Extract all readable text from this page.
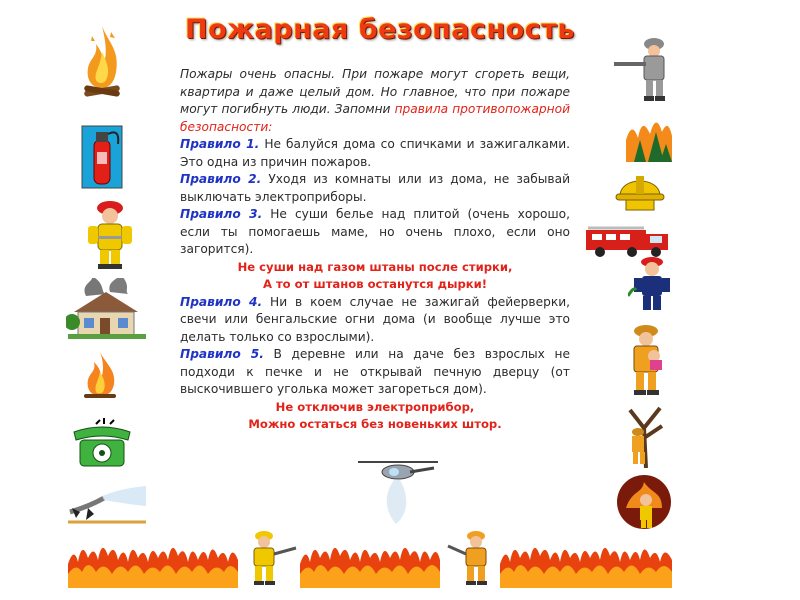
Пожарная безопасность

Пожары очень опасны. При пожаре могут сгореть вещи, квартира и даже целый дом. Но главное, что при пожаре могут погибнуть люди. Запомни правила противопожарной безопасности:

Правило 1. Не балуйся дома со спичками и зажигалками. Это одна из причин пожаров.

Правило 2. Уходя из комнаты или из дома, не забывай выключать электроприборы.

Правило 3. Не суши белье над плитой (очень хорошо, если ты помогаешь маме, но очень плохо, если оно загорится).

Не суши над газом штаны после стирки,

А то от штанов останутся дырки!

Правило 4. Ни в коем случае не зажигай фейерверки, свечи или бенгальские огни дома (и вообще лучше это делать только со взрослыми).

Правило 5. В деревне или на даче без взрослых не подходи к печке и не открывай печную дверцу (от выскочившего уголька может загореться дом).

Не отключив электроприбор,

Можно остаться без новеньких штор.
